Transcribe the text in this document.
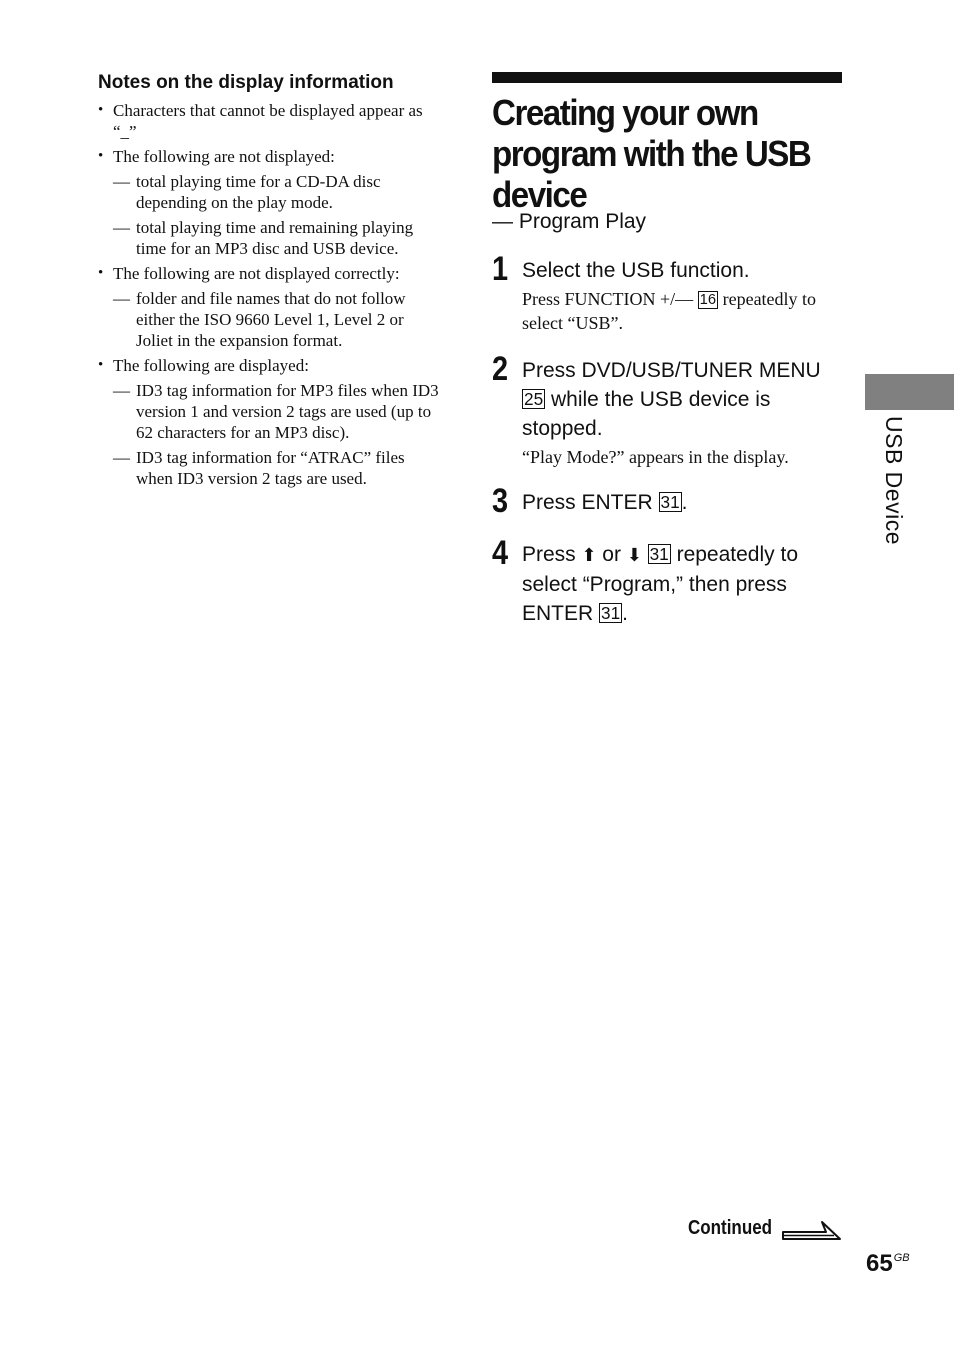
Notes on the display information
• Characters that cannot be displayed appear as “_”
• The following are not displayed:
— total playing time for a CD-DA disc depending on the play mode.
— total playing time and remaining playing time for an MP3 disc and USB device.
• The following are not displayed correctly:
— folder and file names that do not follow either the ISO 9660 Level 1, Level 2 or Joliet in the expansion format.
• The following are displayed:
— ID3 tag information for MP3 files when ID3 version 1 and version 2 tags are used (up to 62 characters for an MP3 disc).
— ID3 tag information for “ATRAC” files when ID3 version 2 tags are used.
Creating your own program with the USB device
— Program Play
1 Select the USB function.
Press FUNCTION +/— 16 repeatedly to select “USB”.
2 Press DVD/USB/TUNER MENU 25 while the USB device is stopped.
“Play Mode?” appears in the display.
3 Press ENTER 31.
4 Press ⬆ or ⬇ 31 repeatedly to select “Program,” then press ENTER 31.
USB Device
Continued
$65^{GB}$
